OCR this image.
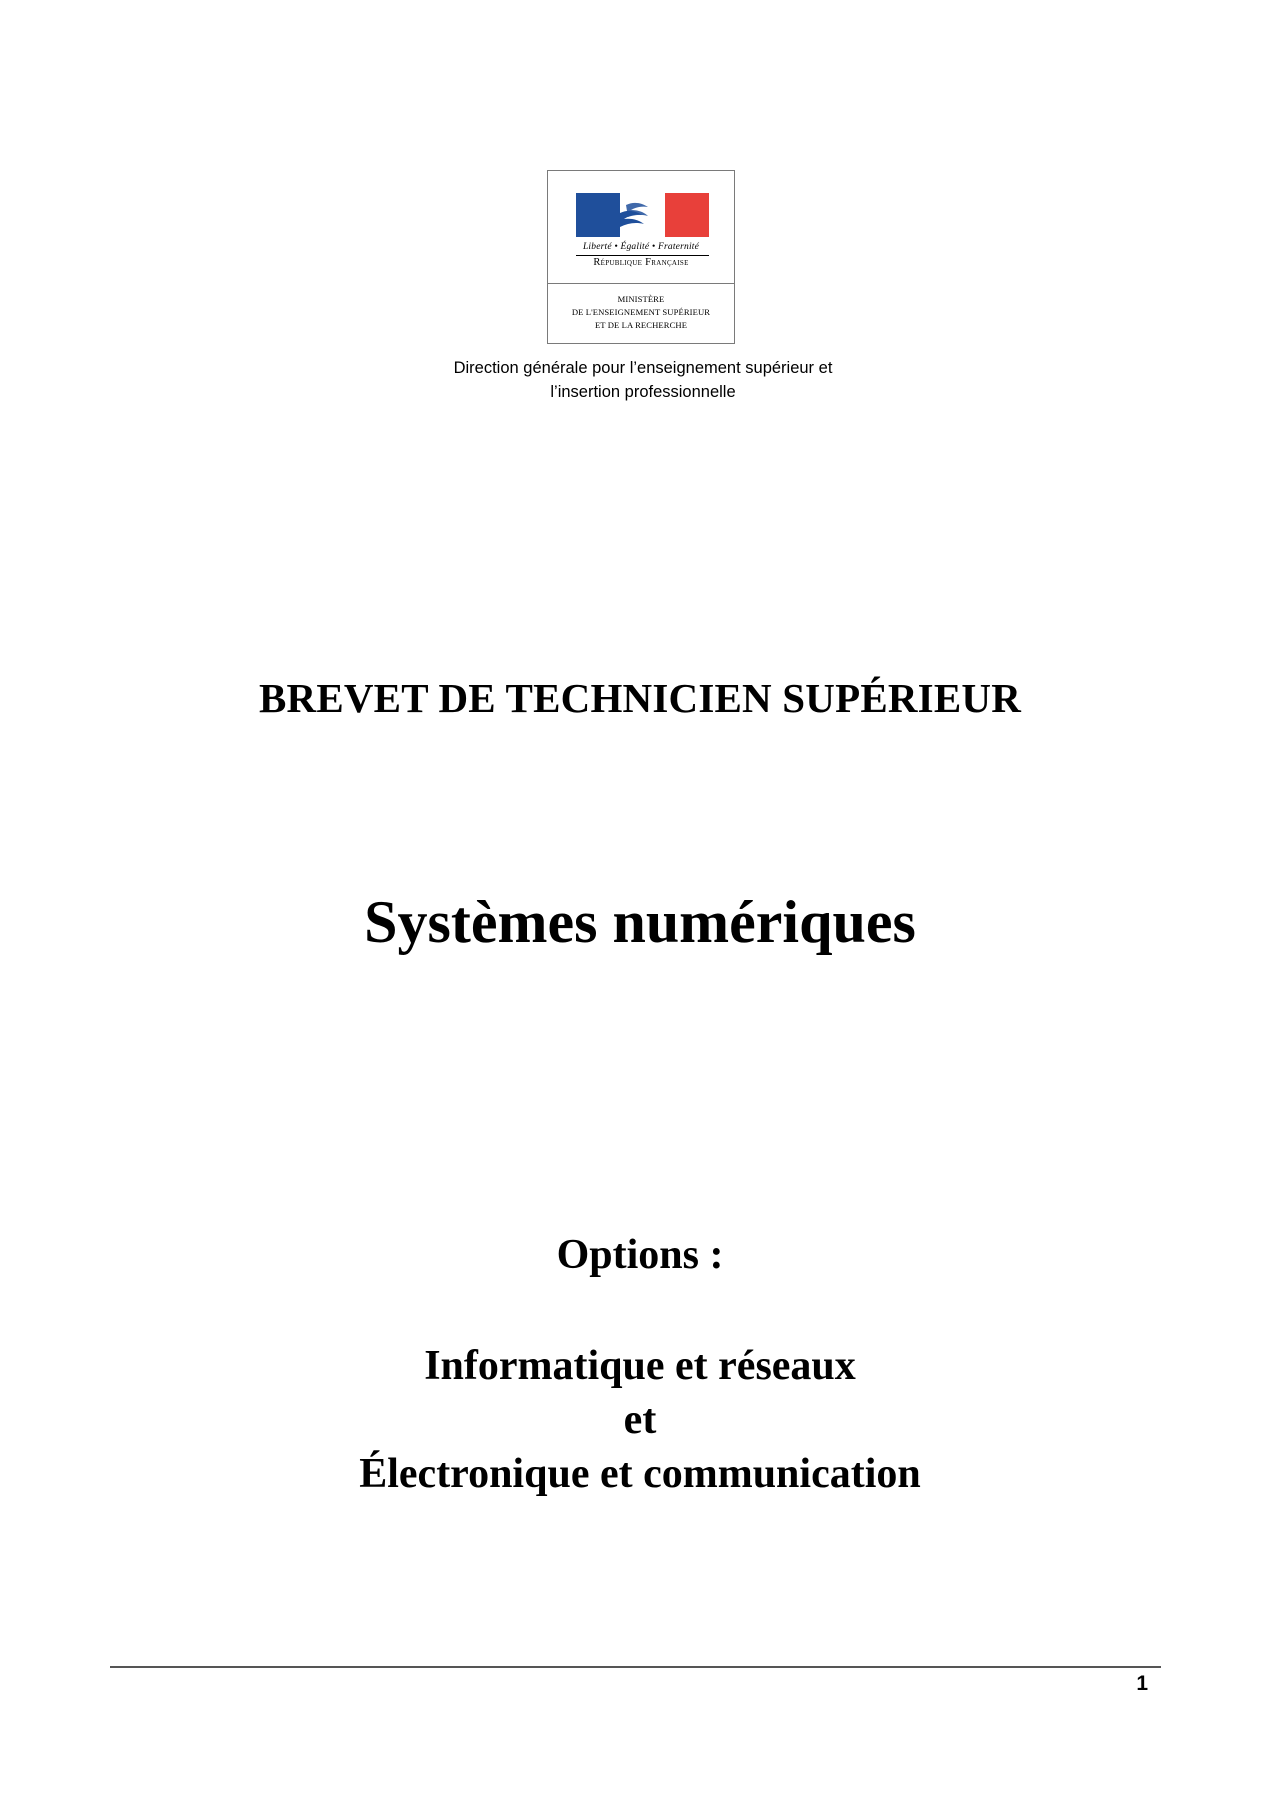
Liberté • Égalité • Fraternité
République Française
MINISTÈRE
DE L'ENSEIGNEMENT SUPÉRIEUR
ET DE LA RECHERCHE
Direction générale pour l’enseignement supérieur et
l’insertion professionnelle
BREVET DE TECHNICIEN SUPÉRIEUR
Systèmes numériques
Options :
Informatique et réseaux
et
Électronique et communication
1
